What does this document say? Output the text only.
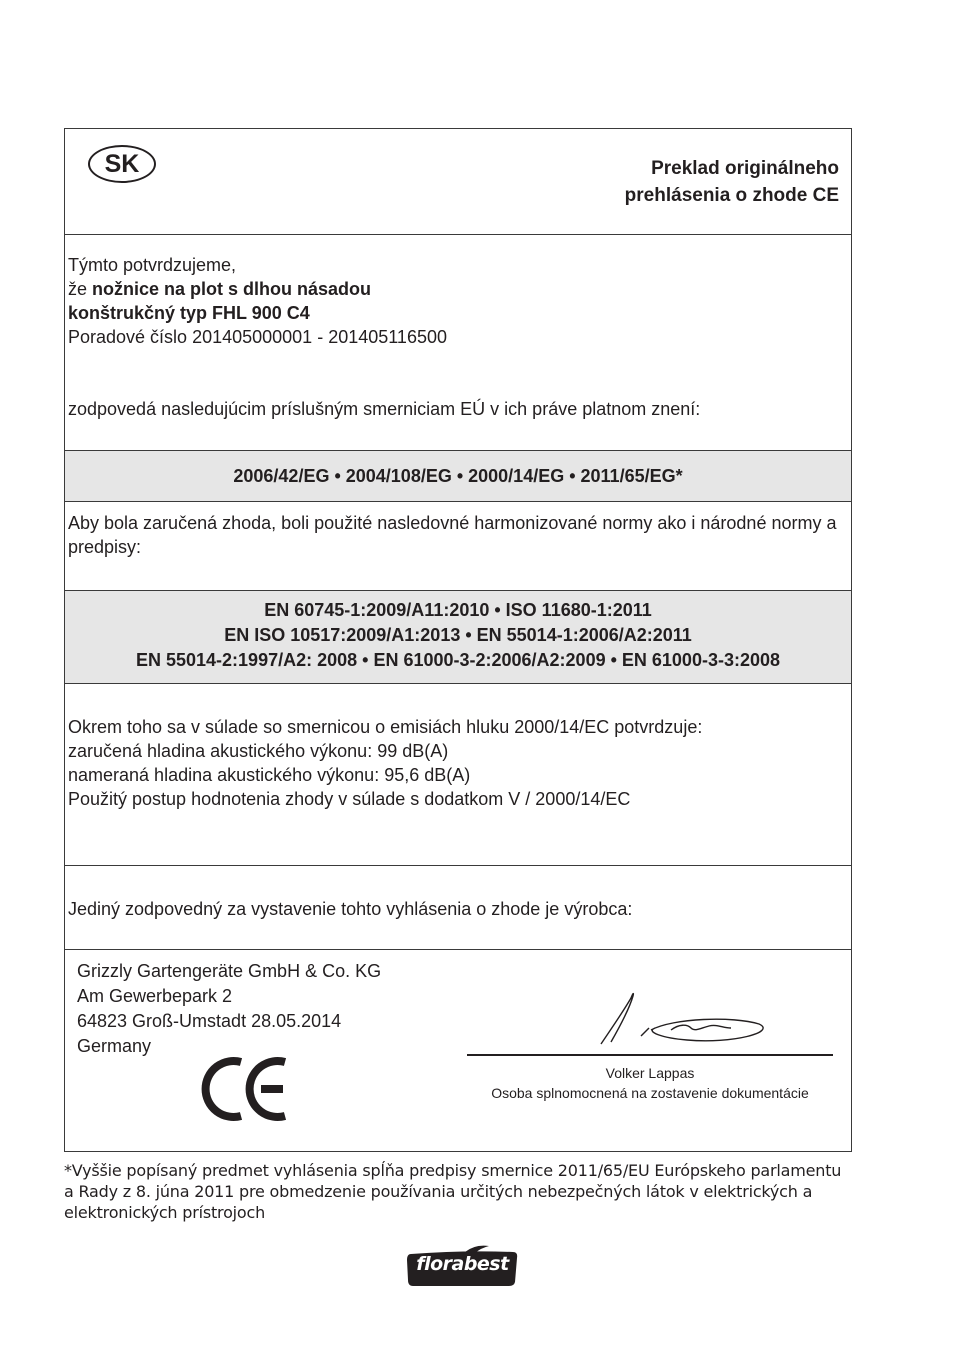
SK	Preklad originálneho
prehlásenia o zhode CE
Týmto potvrdzujeme,
že nožnice na plot s dlhou násadou
konštrukčný typ FHL 900 C4
Poradové číslo 201405000001 - 201405116500
zodpovedá nasledujúcim príslušným smerniciam EÚ v ich práve platnom znení:
2006/42/EG • 2004/108/EG • 2000/14/EG • 2011/65/EG*
Aby bola zaručená zhoda, boli použité nasledovné harmonizované normy ako i národné normy a predpisy:
EN 60745-1:2009/A11:2010 • ISO 11680-1:2011
EN ISO 10517:2009/A1:2013 • EN 55014-1:2006/A2:2011
EN 55014-2:1997/A2: 2008 • EN 61000-3-2:2006/A2:2009 • EN 61000-3-3:2008
Okrem toho sa v súlade so smernicou o emisiách hluku 2000/14/EC potvrdzuje:
zaručená hladina akustického výkonu: 99 dB(A)
nameraná hladina akustického výkonu: 95,6 dB(A)
Použitý postup hodnotenia zhody v súlade s dodatkom V / 2000/14/EC
Jediný zodpovedný za vystavenie tohto vyhlásenia o zhode je výrobca:
Grizzly Gartengeräte GmbH & Co. KG
Am Gewerbepark 2
64823 Groß-Umstadt 28.05.2014
Germany
Volker Lappas
Osoba splnomocnená na zostavenie dokumentácie
*Vyššie popísaný predmet vyhlásenia spĺňa predpisy smernice 2011/65/EU Európskeho parlamentu a Rady z 8. júna 2011 pre obmedzenie používania určitých nebezpečných látok v elektrických a elektronických prístrojoch
florabest
